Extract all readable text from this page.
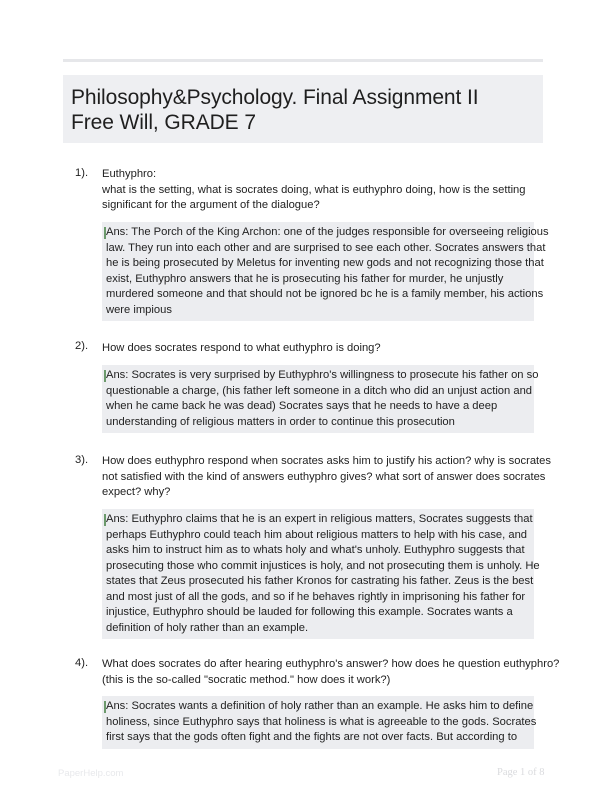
Philosophy&Psychology. Final Assignment II
Free Will, GRADE 7
1). Euthyphro:
what is the setting, what is socrates doing, what is euthyphro doing, how is the setting
significant for the argument of the dialogue?
Ans: The Porch of the King Archon: one of the judges responsible for overseeing religious
law. They run into each other and are surprised to see each other. Socrates answers that
he is being prosecuted by Meletus for inventing new gods and not recognizing those that
exist, Euthyphro answers that he is prosecuting his father for murder, he unjustly
murdered someone and that should not be ignored bc he is a family member, his actions
were impious
2). How does socrates respond to what euthyphro is doing?
Ans: Socrates is very surprised by Euthyphro's willingness to prosecute his father on so
questionable a charge, (his father left someone in a ditch who did an unjust action and
when he came back he was dead) Socrates says that he needs to have a deep
understanding of religious matters in order to continue this prosecution
3). How does euthyphro respond when socrates asks him to justify his action? why is socrates
not satisfied with the kind of answers euthyphro gives? what sort of answer does socrates
expect? why?
Ans: Euthyphro claims that he is an expert in religious matters, Socrates suggests that
perhaps Euthyphro could teach him about religious matters to help with his case, and
asks him to instruct him as to whats holy and what's unholy. Euthyphro suggests that
prosecuting those who commit injustices is holy, and not prosecuting them is unholy. He
states that Zeus prosecuted his father Kronos for castrating his father. Zeus is the best
and most just of all the gods, and so if he behaves rightly in imprisoning his father for
injustice, Euthyphro should be lauded for following this example. Socrates wants a
definition of holy rather than an example.
4). What does socrates do after hearing euthyphro's answer? how does he question euthyphro?
(this is the so-called "socratic method." how does it work?)
Ans: Socrates wants a definition of holy rather than an example. He asks him to define
holiness, since Euthyphro says that holiness is what is agreeable to the gods. Socrates
first says that the gods often fight and the fights are not over facts. But according to
PaperHelp.com	Page 1 of 8
